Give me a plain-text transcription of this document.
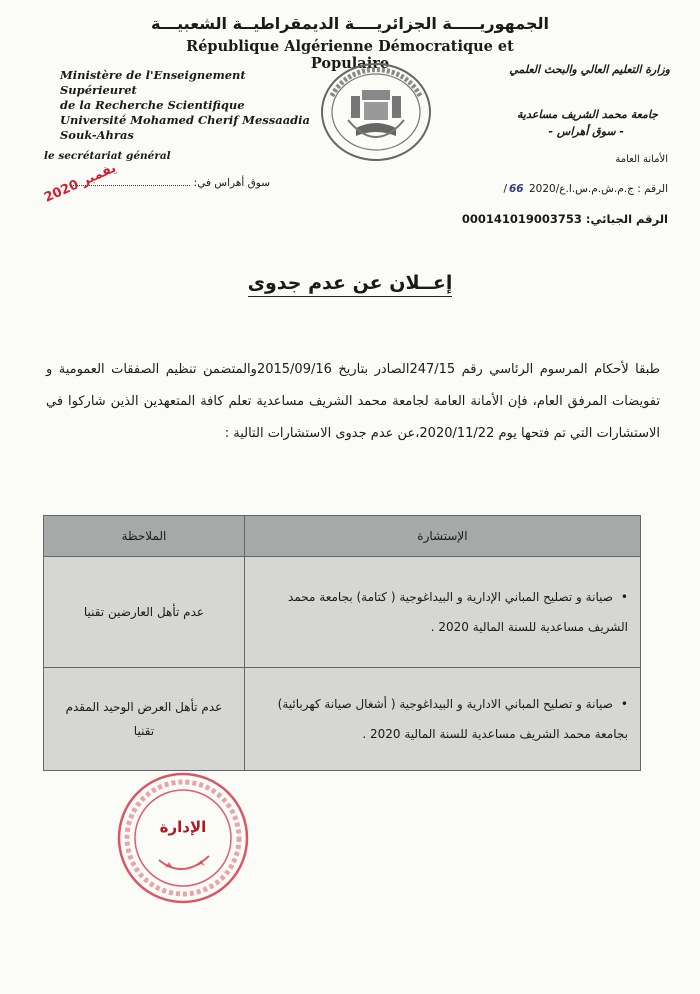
الجمهوريـــــة الجزائريــــة الديمقراطيــة الشعبيـــة
République Algérienne Démocratique et Populaire
Ministère de l'Enseignement Supérieuret
de la Recherche Scientifique
Université Mohamed Cherif Messaadia
Souk-Ahras
وزارة التعليم العالي والبحث العلمي
جامعة محمد الشريف مساعدية
- سوق أهراس -
le secrétariat général	الأمانة العامة
سوق أهراس في:
يفمبر 2020	/ج.م.ش.م.س.ا.ع/2020 66	الرقم :
000141019003753 الرقم الجبائي:
إعــلان عن عدم جدوى
طبقا لأحكام المرسوم الرئاسي رقم 247/15الصادر بتاريخ 2015/09/16والمتضمن تنظيم الصفقات العمومية و تفويضات المرفق العام، فإن الأمانة العامة لجامعة محمد الشريف مساعدية تعلم كافة المتعهدين الذين شاركوا في الاستشارات التي تم فتحها يوم 2020/11/22،عن عدم جدوى الاستشارات التالية :
الإستشارة	الملاحظة
•صيانة و تصليح المباني الإدارية و البيداغوجية ( كتامة) بجامعة محمد الشريف مساعدية للسنة المالية 2020 .	عدم تأهل العارضين تقنيا
•صيانة و تصليح المباني الادارية و البيداغوجية ( أشغال صيانة كهربائية) بجامعة محمد الشريف مساعدية للسنة المالية 2020 .	عدم تأهل العرض الوحيد المقدم تقنيا
الإدارة
